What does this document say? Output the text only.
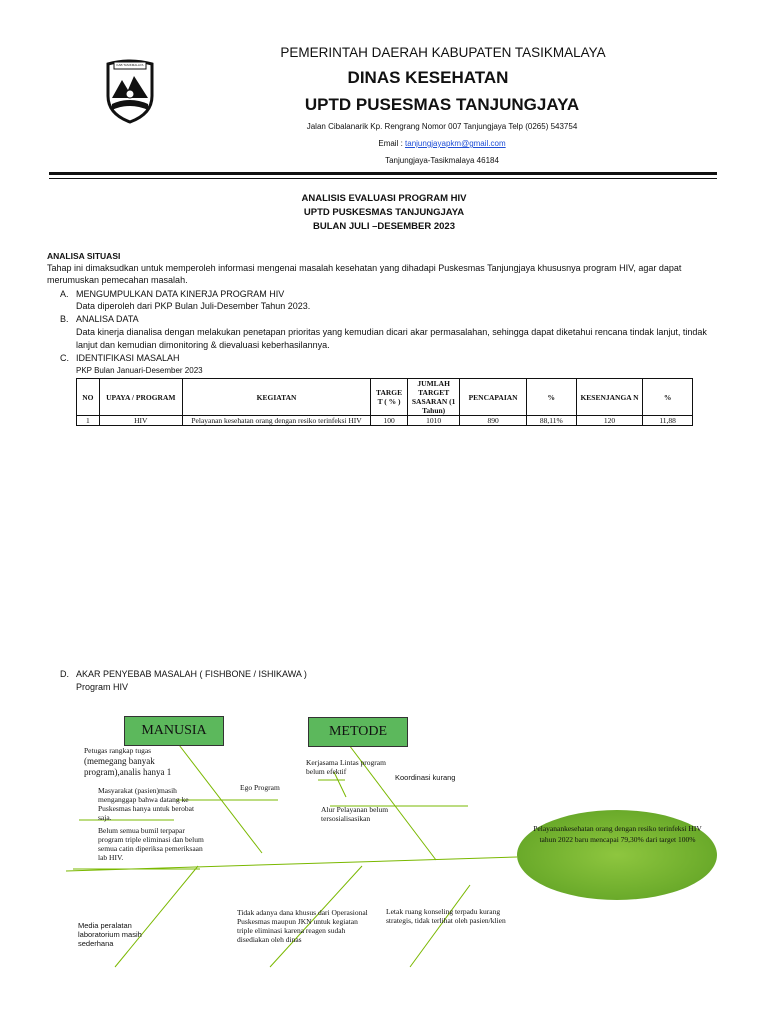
KAB TASIKMALAYA
PEMERINTAH DAERAH KABUPATEN TASIKMALAYA
DINAS KESEHATAN
UPTD PUSESMAS TANJUNGJAYA
Jalan Cibalanarik Kp. Rengrang Nomor 007 Tanjungjaya Telp (0265) 543754
Email : tanjungjayapkm@gmail.com
Tanjungjaya-Tasikmalaya 46184
ANALISIS EVALUASI PROGRAM HIV
UPTD PUSKESMAS TANJUNGJAYA
BULAN JULI –DESEMBER 2023
ANALISA SITUASI
Tahap ini dimaksudkan untuk memperoleh informasi mengenai masalah kesehatan yang dihadapi Puskesmas Tanjungjaya khususnya program HIV, agar dapat
merumuskan pemecahan masalah.
A. MENGUMPULKAN DATA KINERJA PROGRAM HIV
Data diperoleh dari PKP Bulan Juli-Desember Tahun 2023.
B. ANALISA DATA
Data kinerja dianalisa dengan melakukan penetapan prioritas yang kemudian dicari akar permasalahan, sehingga dapat diketahui rencana tindak lanjut, tindak
lanjut dan kemudian dimonitoring & dievaluasi keberhasilannya.
C. IDENTIFIKASI MASALAH
PKP Bulan Januari-Desember 2023
NO	UPAYA / PROGRAM	KEGIATAN	TARGE T ( % )	JUMLAH TARGET SASARAN (1 Tahun)	PENCAPAIAN	%	KESENJANGA N	%
1	HIV	Pelayanan kesehatan orang dengan resiko terinfeksi HIV	100	1010	890	88,11%	120	11,88
D. AKAR PENYEBAB MASALAH ( FISHBONE / ISHIKAWA )
Program HIV
MANUSIA	METODE
Petugas rangkap tugas
(memegang banyak
program),analis hanya 1
Masyarakat (pasien)masih menganggap bahwa datang ke Puskesmas hanya untuk berobat saja.
Belum semua bumil terpapar program triple eliminasi dan belum semua catin diperiksa pemeriksaan lab HIV.
Ego Program
Kerjasama Lintas program belum efektif
Koordinasi kurang
Alur Pelayanan belum tersosialisasikan
Media peralatan laboratorium masih sederhana
Tidak adanya dana khusus dari Operasional Puskesmas maupun JKN untuk kegiatan triple eliminasi karena reagen sudah disediakan oleh dinas
Letak ruang konseling terpadu kurang strategis, tidak terlihat oleh pasien/klien
Pelayanankesehatan orang dengan resiko terinfeksi HIV tahun 2022 baru mencapai 79,30% dari target 100%
